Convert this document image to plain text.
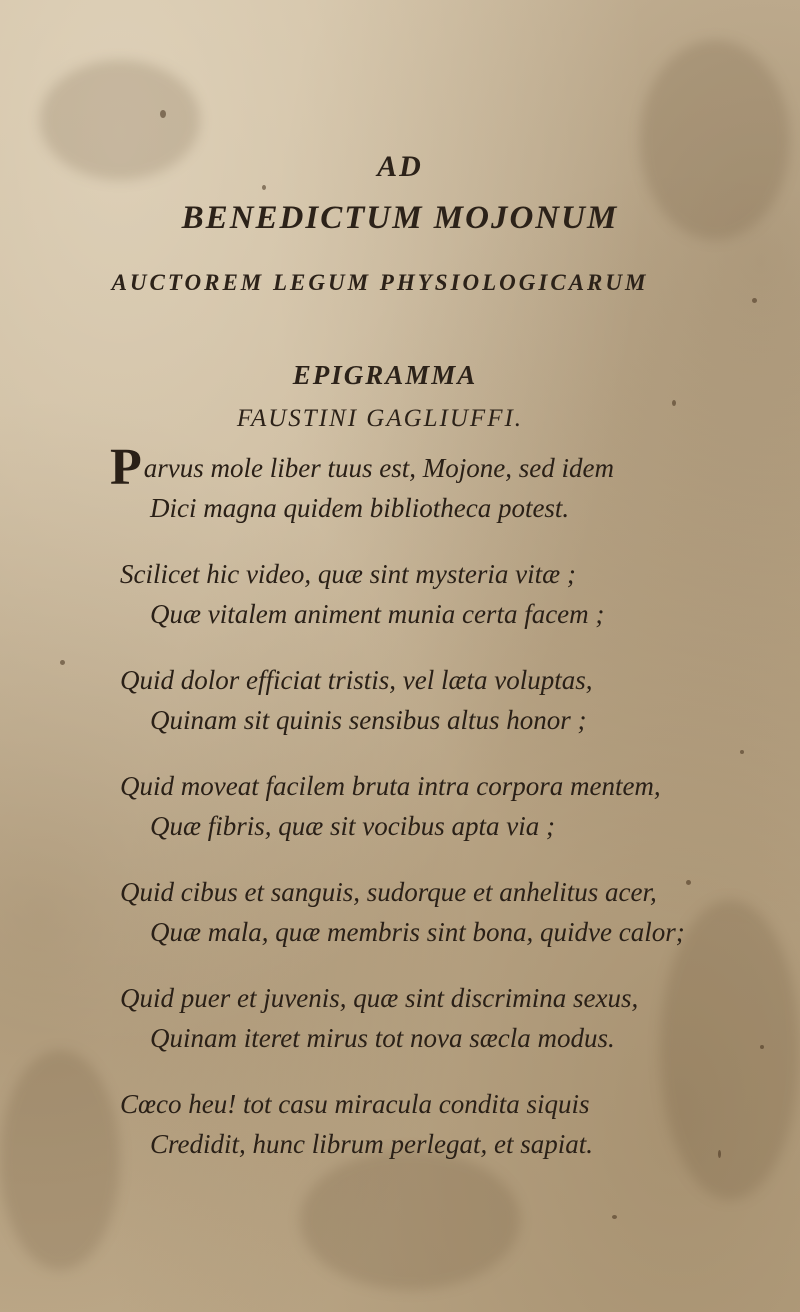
AD
BENEDICTUM MOJONUM
AUCTOREM LEGUM PHYSIOLOGICARUM
EPIGRAMMA
FAUSTINI GAGLIUFFI.
Parvus mole liber tuus est, Mojone, sed idem
Dici magna quidem bibliotheca potest.
Scilicet hic video, quæ sint mysteria vitæ ;
Quæ vitalem animent munia certa facem ;
Quid dolor efficiat tristis, vel læta voluptas,
Quinam sit quinis sensibus altus honor ;
Quid moveat facilem bruta intra corpora mentem,
Quæ fibris, quæ sit vocibus apta via ;
Quid cibus et sanguis, sudorque et anhelitus acer,
Quæ mala, quæ membris sint bona, quidve calor;
Quid puer et juvenis, quæ sint discrimina sexus,
Quinam iteret mirus tot nova sæcla modus.
Cœco heu! tot casu miracula condita siquis
Credidit, hunc librum perlegat, et sapiat.
